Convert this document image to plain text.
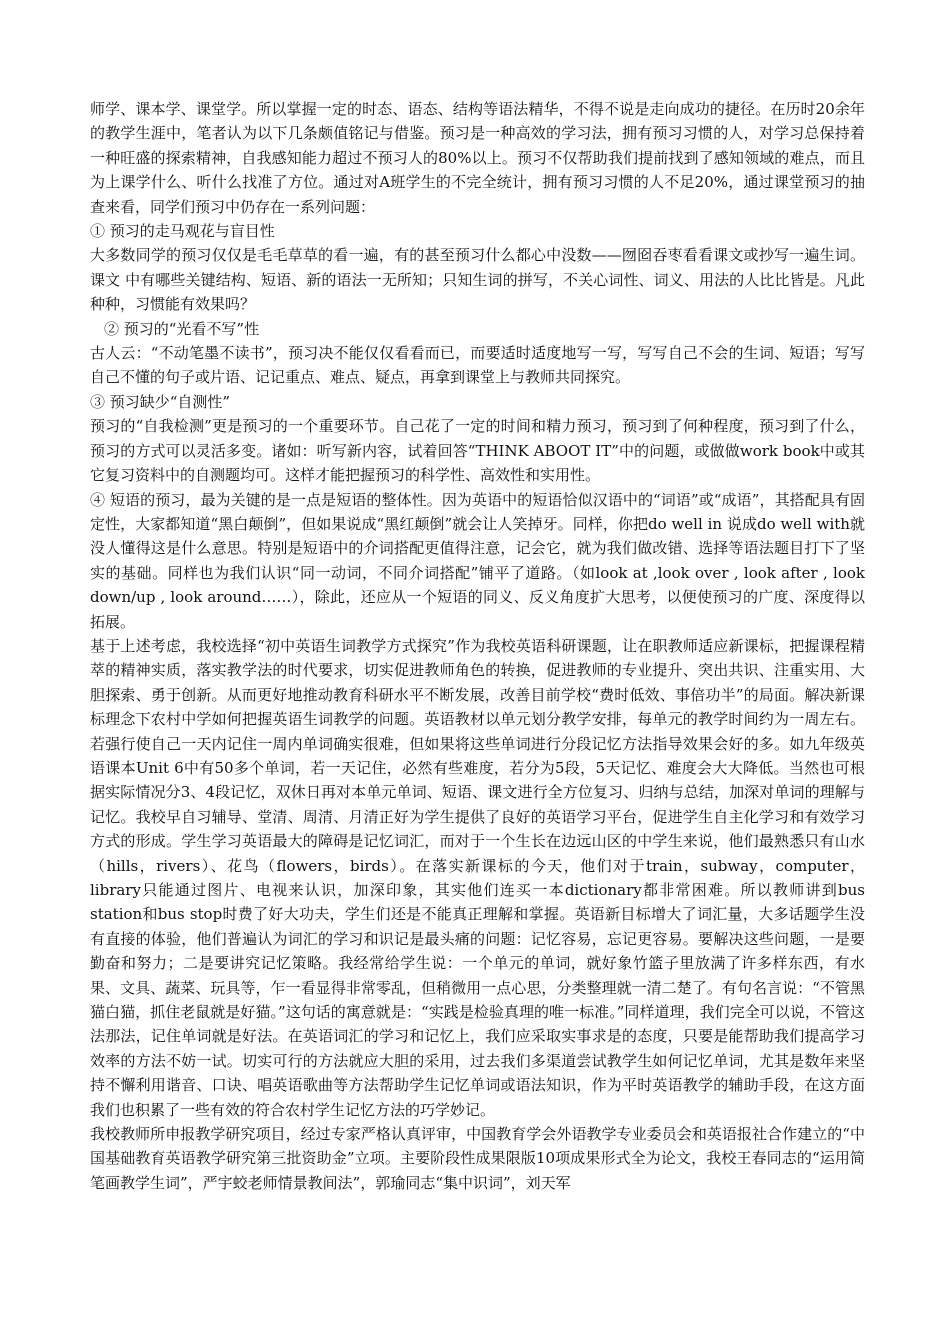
师学、课本学、课堂学。所以掌握一定的时态、语态、结构等语法精华，不得不说是走向成功的捷径。在历时20余年的教学生涯中，笔者认为以下几条颇值铭记与借鉴。预习是一种高效的学习法，拥有预习习惯的人，对学习总保持着一种旺盛的探索精神，自我感知能力超过不预习人的80%以上。预习不仅帮助我们提前找到了感知领域的难点，而且为上课学什么、听什么找准了方位。通过对A班学生的不完全统计，拥有预习习惯的人不足20%，通过课堂预习的抽查来看，同学们预习中仍存在一系列问题：

① 预习的走马观花与盲目性

大多数同学的预习仅仅是毛毛草草的看一遍，有的甚至预习什么都心中没数——囫囵吞枣看看课文或抄写一遍生词。课文 中有哪些关键结构、短语、新的语法一无所知；只知生词的拼写，不关心词性、词义、用法的人比比皆是。凡此种种，习惯能有效果吗？

② 预习的“光看不写”性

古人云：“不动笔墨不读书”，预习决不能仅仅看看而已，而要适时适度地写一写，写写自己不会的生词、短语；写写自己不懂的句子或片语、记记重点、难点、疑点，再拿到课堂上与教师共同探究。

③ 预习缺少“自测性”

预习的“自我检测”更是预习的一个重要环节。自己花了一定的时间和精力预习，预习到了何种程度，预习到了什么，预习的方式可以灵活多变。诸如：听写新内容，试着回答“THINK ABOOT IT”中的问题，或做做work book中或其它复习资料中的自测题均可。这样才能把握预习的科学性、高效性和实用性。

④ 短语的预习，最为关键的是一点是短语的整体性。因为英语中的短语恰似汉语中的“词语”或“成语”，其搭配具有固定性，大家都知道“黑白颠倒”，但如果说成“黑红颠倒”就会让人笑掉牙。同样，你把do well in 说成do well with就没人懂得这是什么意思。特别是短语中的介词搭配更值得注意，记会它，就为我们做改错、选择等语法题目打下了坚实的基础。同样也为我们认识“同一动词，不同介词搭配”铺平了道路。（如look at ,look over , look after , look down/up , look around……），除此，还应从一个短语的同义、反义角度扩大思考，以便使预习的广度、深度得以拓展。

基于上述考虑，我校选择“初中英语生词教学方式探究”作为我校英语科研课题，让在职教师适应新课标，把握课程精萃的精神实质，落实教学法的时代要求，切实促进教师角色的转换，促进教师的专业提升、突出共识、注重实用、大胆探索、勇于创新。从而更好地推动教育科研水平不断发展，改善目前学校“费时低效、事倍功半”的局面。解决新课标理念下农村中学如何把握英语生词教学的问题。英语教材以单元划分教学安排，每单元的教学时间约为一周左右。若强行使自己一天内记住一周内单词确实很难，但如果将这些单词进行分段记忆方法指导效果会好的多。如九年级英语课本Unit 6中有50多个单词，若一天记住，必然有些难度，若分为5段，5天记忆、难度会大大降低。当然也可根据实际情况分3、4段记忆，双休日再对本单元单词、短语、课文进行全方位复习、归纳与总结，加深对单词的理解与记忆。我校早自习辅导、堂清、周清、月清正好为学生提供了良好的英语学习平台，促进学生自主化学习和有效学习方式的形成。学生学习英语最大的障碍是记忆词汇，而对于一个生长在边远山区的中学生来说，他们最熟悉只有山水（hills，rivers）、花鸟（flowers，birds）。在落实新课标的今天，他们对于train，subway，computer，library只能通过图片、电视来认识，加深印象，其实他们连买一本dictionary都非常困难。所以教师讲到bus station和bus stop时费了好大功夫，学生们还是不能真正理解和掌握。英语新目标增大了词汇量，大多话题学生没有直接的体验，他们普遍认为词汇的学习和识记是最头痛的问题：记忆容易，忘记更容易。要解决这些问题，一是要勤奋和努力；二是要讲究记忆策略。我经常给学生说：一个单元的单词，就好象竹篮子里放满了许多样东西，有水果、文具、蔬菜、玩具等，乍一看显得非常零乱，但稍微用一点心思，分类整理就一清二楚了。有句名言说：“不管黑猫白猫，抓住老鼠就是好猫。”这句话的寓意就是：“实践是检验真理的唯一标准。”同样道理，我们完全可以说，不管这法那法，记住单词就是好法。在英语词汇的学习和记忆上，我们应采取实事求是的态度，只要是能帮助我们提高学习效率的方法不妨一试。切实可行的方法就应大胆的采用，过去我们多渠道尝试教学生如何记忆单词，尤其是数年来坚持不懈利用谐音、口诀、唱英语歌曲等方法帮助学生记忆单词或语法知识，作为平时英语教学的辅助手段，在这方面我们也积累了一些有效的符合农村学生记忆方法的巧学妙记。

我校教师所申报教学研究项目，经过专家严格认真评审，中国教育学会外语教学专业委员会和英语报社合作建立的“中国基础教育英语教学研究第三批资助金”立项。主要阶段性成果限版10项成果形式全为论文，我校王春同志的“运用简笔画教学生词”，严宇蛟老师情景教间法”，郭瑜同志“集中识词”，刘天军
